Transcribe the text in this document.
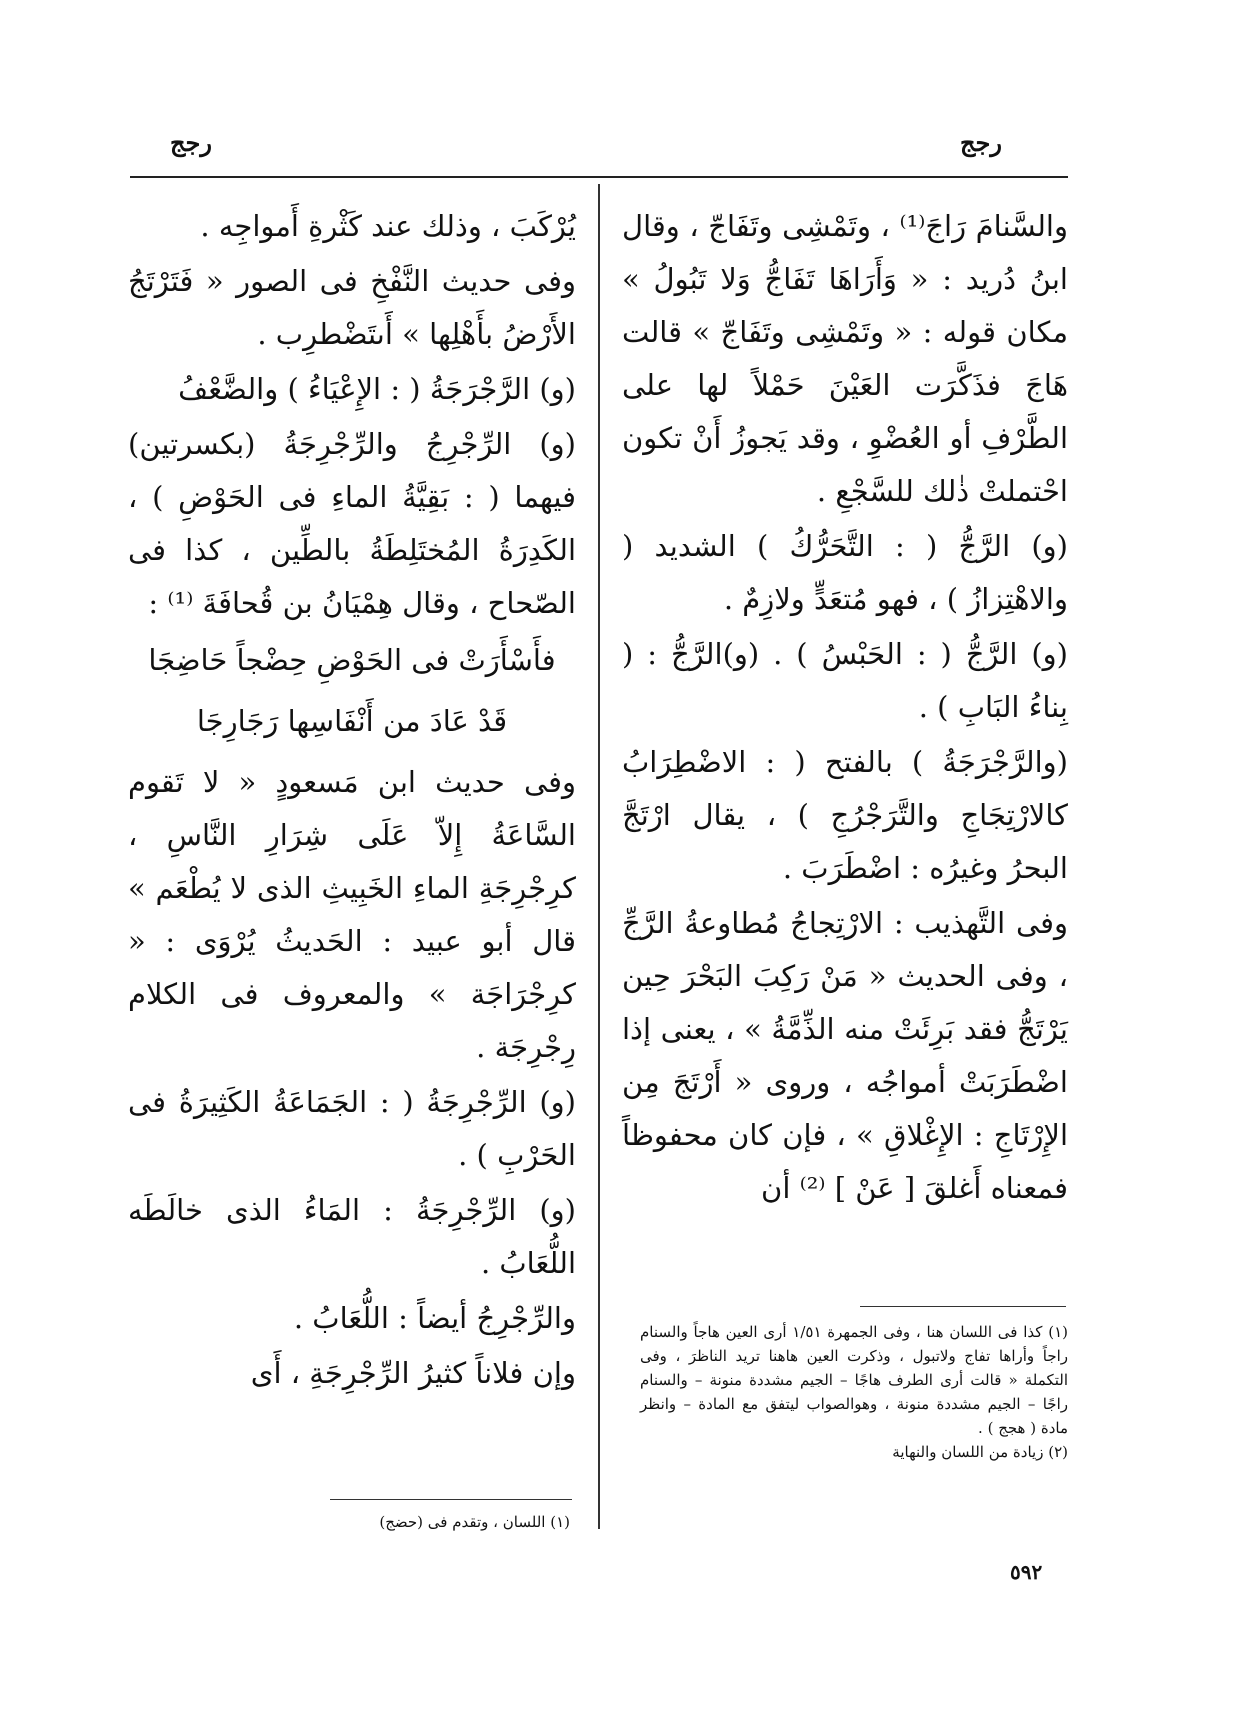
رجج
رجج

والسَّنامَ رَاجَ⁽¹⁾ ، وتَمْشِى وتَفَاجّ ، وقال ابنُ دُريد : « وَأَرَاهَا تَفَاجُّ وَلا تَبُولُ » مكان قوله : « وتَمْشِى وتَفَاجّ » قالت هَاجَ فذَكَّرَت العَيْنَ حَمْلاً لها على الطَّرْفِ أو العُضْوِ ، وقد يَجوزُ أَنْ تكون احْتملتْ ذٰلك للسَّجْعِ .

(و) الرَّجُّ ( : التَّحَرُّكُ ) الشديد ( والاهْتِزازُ ) ، فهو مُتعَدٍّ ولازِمٌ .

(و) الرَّجُّ ( : الحَبْسُ ) . (و)الرَّجُّ : ( بِناءُ البَابِ ) .

(والرَّجْرَجَةُ ) بالفتح ( : الاضْطِرَابُ كالارْتِجَاجِ والتَّرَجْرُجِ ) ، يقال ارْتَجَّ البحرُ وغيرُه : اضْطَرَبَ .

وفى التَّهذيب : الارْتِجاجُ مُطاوعةُ الرَّجِّ ، وفى الحديث « مَنْ رَكِبَ البَحْرَ حِين يَرْتَجُّ فقد بَرِئَتْ منه الذِّمَّةُ » ، يعنى إذا اضْطَرَبَتْ أمواجُه ، وروى « أَرْتَجَ مِن الإِرْتَاجِ : الإِغْلاقِ » ، فإن كان محفوظاً فمعناه أَغلقَ [ عَنْ ] ⁽²⁾ أن

يُرْكَبَ ، وذلك عند كَثْرةِ أَمواجِه .

وفى حديث النَّفْخِ فى الصور « فَتَرْتَجُ الأَرْضُ بأَهْلِها » أَىتَضْطرِب .

(و) الرَّجْرَجَةُ ( : الإِعْيَاءُ ) والضَّعْفُ

(و) الرِّجْرِجُ والرِّجْرِجَةُ (بكسرتين) فيهما ( : بَقِيَّةُ الماءِ فى الحَوْضِ ) ، الكَدِرَةُ المُختَلِطَةُ بالطِّين ، كذا فى الصّحاح ، وقال هِمْيَانُ بن قُحافَةَ ⁽¹⁾ :

فأَسْأَرَتْ فى الحَوْضِ حِضْجاً حَاضِجَا

قَدْ عَادَ من أَنْفَاسِها رَجَارِجَا

وفى حديث ابن مَسعودٍ « لا تَقوم السَّاعَةُ إِلاّ عَلَى شِرَارِ النَّاسِ ، كرِجْرِجَةِ الماءِ الخَبِيثِ الذى لا يُطْعَم » قال أبو عبيد : الحَديثُ يُرْوَى : « كرِجْرَاجَة » والمعروف فى الكلام رِجْرِجَة .

(و) الرِّجْرِجَةُ ( : الجَمَاعَةُ الكَثِيرَةُ فى الحَرْبِ ) .

(و) الرِّجْرِجَةُ : المَاءُ الذى خالَطَه اللُّعَابُ .

والرِّجْرِجُ أيضاً : اللُّعَابُ .

وإن فلاناً كثيرُ الرِّجْرِجَةِ ، أَى

(١) كذا فى اللسان هنا ، وفى الجمهرة ١/٥١ أرى العين هاجاً والسنام راجاً وأراها تفاج ولاتبول ، وذكرت العين هاهنا تريد الناظرَ ، وفى التكملة « قالت أرى الطرف هاجًا – الجيم مشددة منونة – والسنام راجًا – الجيم مشددة منونة ، وهوالصواب ليتفق مع المادة – وانظر مادة ( هجج ) .

(٢) زيادة من اللسان والنهاية

(١) اللسان ، وتقدم فى (حضج)

٥٩٢
